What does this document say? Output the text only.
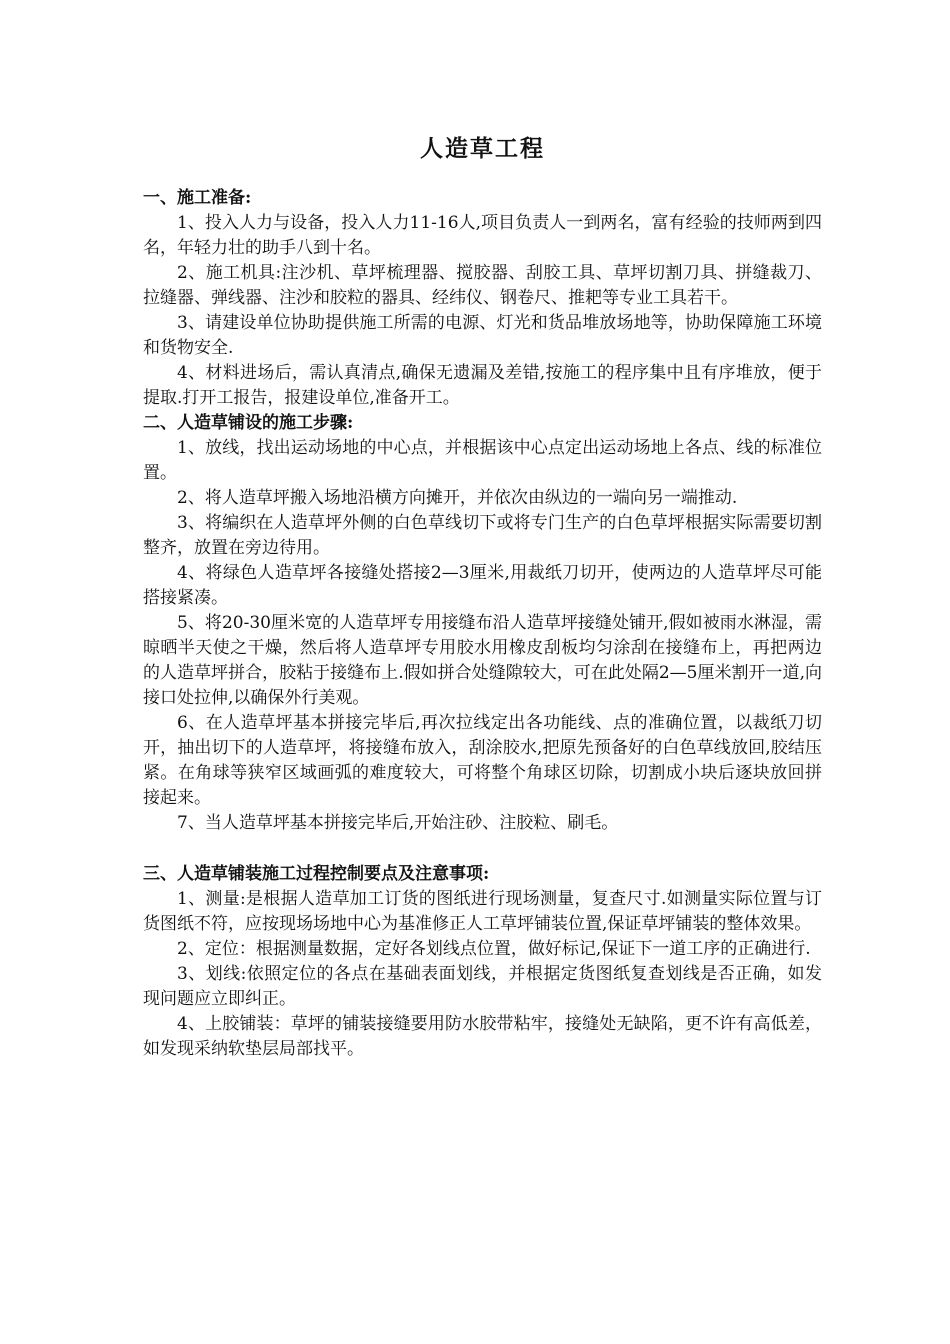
人造草工程
一、施工准备:

1、投入人力与设备，投入人力11-16人,项目负责人一到两名，富有经验的技师两到四名，年轻力壮的助手八到十名。

2、施工机具:注沙机、草坪梳理器、搅胶器、刮胶工具、草坪切割刀具、拼缝裁刀、拉缝器、弹线器、注沙和胶粒的器具、经纬仪、钢卷尺、推耙等专业工具若干。

3、请建设单位协助提供施工所需的电源、灯光和货品堆放场地等，协助保障施工环境和货物安全.

4、材料进场后，需认真清点,确保无遗漏及差错,按施工的程序集中且有序堆放，便于提取.打开工报告，报建设单位,准备开工。

二、人造草铺设的施工步骤:

1、放线，找出运动场地的中心点，并根据该中心点定出运动场地上各点、线的标准位置。

2、将人造草坪搬入场地沿横方向摊开，并依次由纵边的一端向另一端推动.

3、将编织在人造草坪外侧的白色草线切下或将专门生产的白色草坪根据实际需要切割整齐，放置在旁边待用。

4、将绿色人造草坪各接缝处搭接2—3厘米,用裁纸刀切开，使两边的人造草坪尽可能搭接紧凑。

5、将20-30厘米宽的人造草坪专用接缝布沿人造草坪接缝处铺开,假如被雨水淋湿，需晾晒半天使之干燥，然后将人造草坪专用胶水用橡皮刮板均匀涂刮在接缝布上，再把两边的人造草坪拼合，胶粘于接缝布上.假如拼合处缝隙较大，可在此处隔2—5厘米割开一道,向接口处拉伸,以确保外行美观。

6、在人造草坪基本拼接完毕后,再次拉线定出各功能线、点的准确位置，以裁纸刀切开，抽出切下的人造草坪，将接缝布放入，刮涂胶水,把原先预备好的白色草线放回,胶结压紧。在角球等狭窄区域画弧的难度较大，可将整个角球区切除，切割成小块后逐块放回拼接起来。

7、当人造草坪基本拼接完毕后,开始注砂、注胶粒、刷毛。

三、人造草铺装施工过程控制要点及注意事项:

1、测量:是根据人造草加工订货的图纸进行现场测量，复查尺寸.如测量实际位置与订货图纸不符，应按现场场地中心为基准修正人工草坪铺装位置,保证草坪铺装的整体效果。

2、定位：根据测量数据，定好各划线点位置，做好标记,保证下一道工序的正确进行.

3、划线:依照定位的各点在基础表面划线，并根据定货图纸复查划线是否正确，如发现问题应立即纠正。

4、上胶铺装：草坪的铺装接缝要用防水胶带粘牢，接缝处无缺陷，更不许有高低差，如发现采纳软垫层局部找平。
